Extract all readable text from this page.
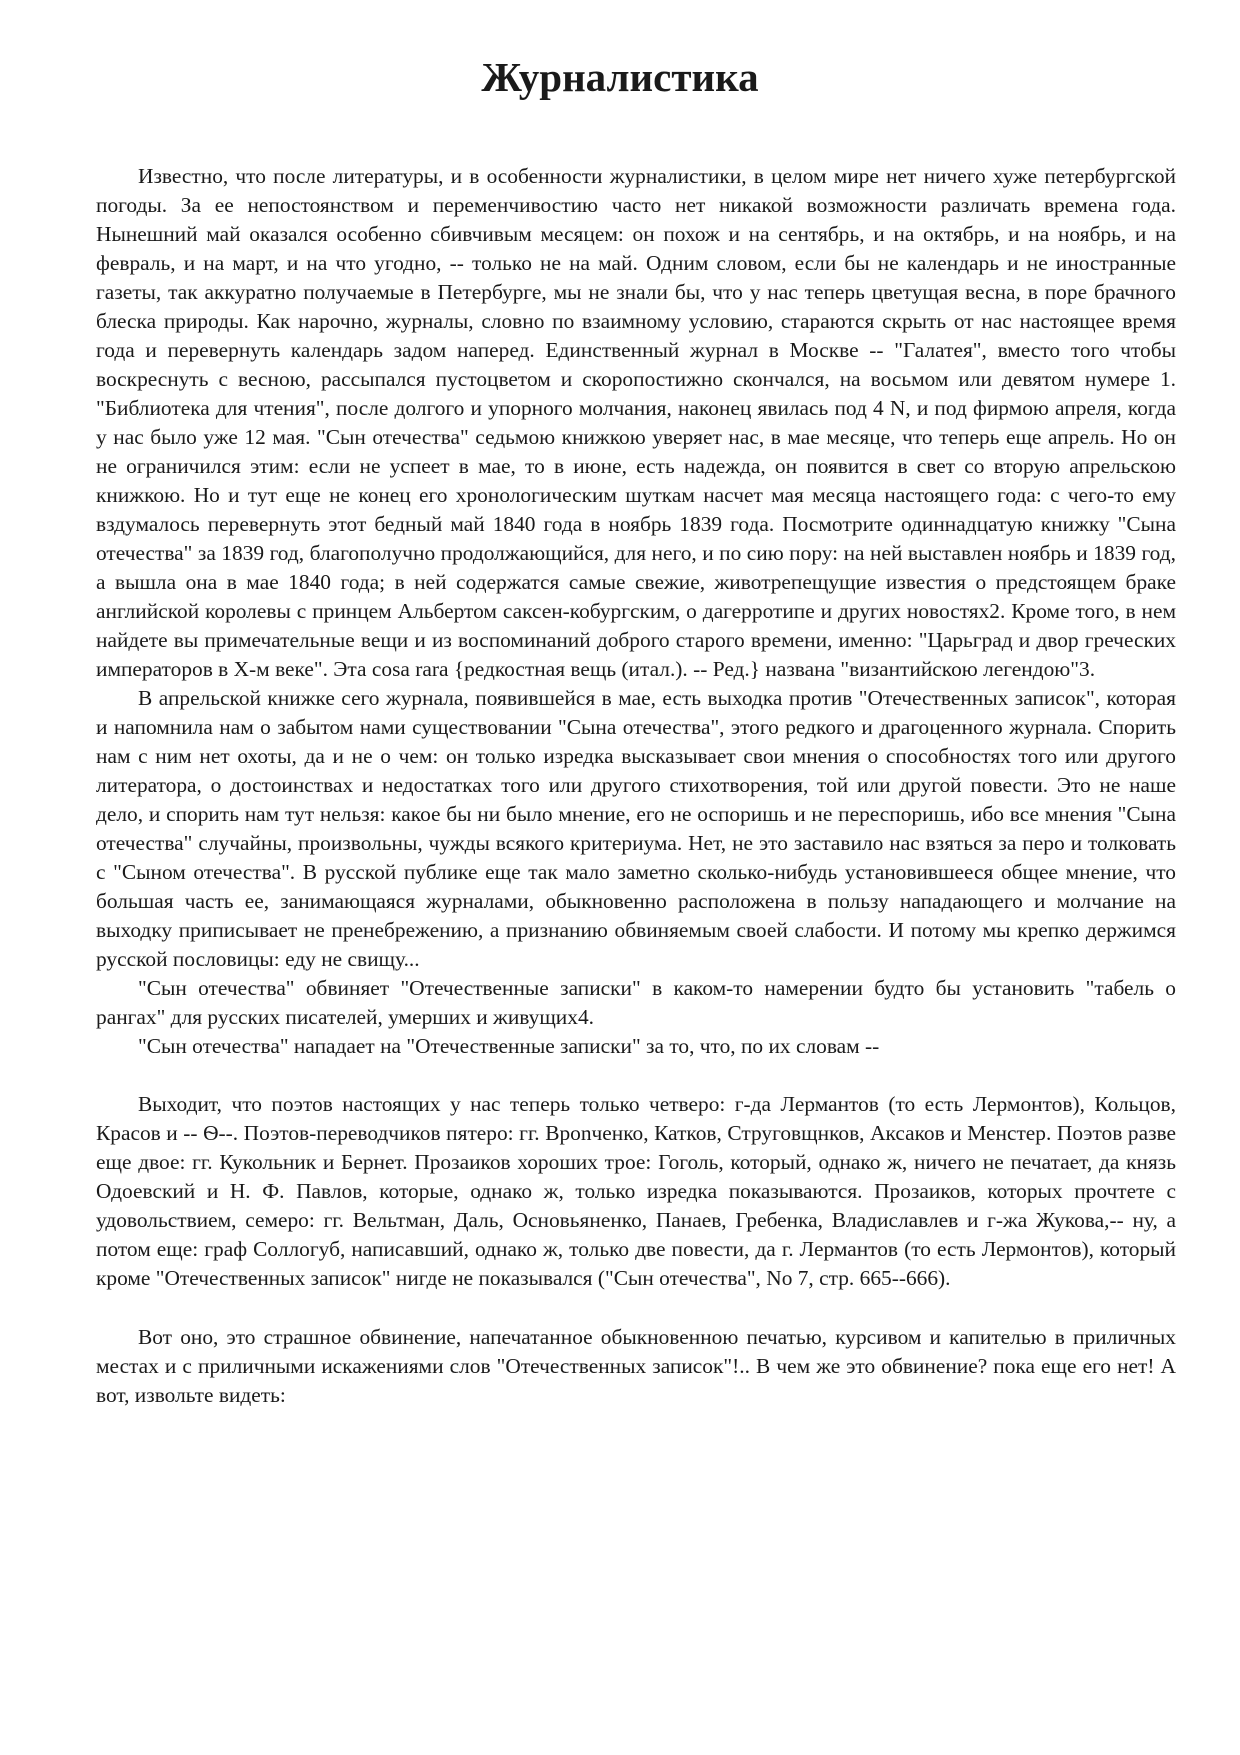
Журналистика

Известно, что после литературы, и в особенности журналистики, в целом мире нет ничего хуже петербургской погоды. За ее непостоянством и переменчивостию часто нет никакой возможности различать времена года. Нынешний май оказался особенно сбивчивым месяцем: он похож и на сентябрь, и на октябрь, и на ноябрь, и на февраль, и на март, и на что угодно, -- только не на май. Одним словом, если бы не календарь и не иностранные газеты, так аккуратно получаемые в Петербурге, мы не знали бы, что у нас теперь цветущая весна, в поре брачного блеска природы. Как нарочно, журналы, словно по взаимному условию, стараются скрыть от нас настоящее время года и перевернуть календарь задом наперед. Единственный журнал в Москве -- "Галатея", вместо того чтобы воскреснуть с весною, рассыпался пустоцветом и скоропостижно скончался, на восьмом или девятом нумере 1. "Библиотека для чтения", после долгого и упорного молчания, наконец явилась под 4 N, и под фирмою апреля, когда у нас было уже 12 мая. "Сын отечества" седьмою книжкою уверяет нас, в мае месяце, что теперь еще апрель. Но он не ограничился этим: если не успеет в мае, то в июне, есть надежда, он появится в свет со вторую апрельскою книжкою. Но и тут еще не конец его хронологическим шуткам насчет мая месяца настоящего года: с чего-то ему вздумалось перевернуть этот бедный май 1840 года в ноябрь 1839 года. Посмотрите одиннадцатую книжку "Сына отечества" за 1839 год, благополучно продолжающийся, для него, и по сию пору: на ней выставлен ноябрь и 1839 год, а вышла она в мае 1840 года; в ней содержатся самые свежие, животрепещущие известия о предстоящем браке английской королевы с принцем Альбертом саксен-кобургским, о дагерротипе и других новостях2. Кроме того, в нем найдете вы примечательные вещи и из воспоминаний доброго старого времени, именно: "Царьград и двор греческих императоров в X-м веке". Эта cosa rara {редкостная вещь (итал.). -- Ред.} названа "византийскою легендою"3.

В апрельской книжке сего журнала, появившейся в мае, есть выходка против "Отечественных записок", которая и напомнила нам о забытом нами существовании "Сына отечества", этого редкого и драгоценного журнала. Спорить нам с ним нет охоты, да и не о чем: он только изредка высказывает свои мнения о способностях того или другого литератора, о достоинствах и недостатках того или другого стихотворения, той или другой повести. Это не наше дело, и спорить нам тут нельзя: какое бы ни было мнение, его не оспоришь и не переспоришь, ибо все мнения "Сына отечества" случайны, произвольны, чужды всякого критериума. Нет, не это заставило нас взяться за перо и толковать с "Сыном отечества". В русской публике еще так мало заметно сколько-нибудь установившееся общее мнение, что большая часть ее, занимающаяся журналами, обыкновенно расположена в пользу нападающего и молчание на выходку приписывает не пренебрежению, а признанию обвиняемым своей слабости. И потому мы крепко держимся русской пословицы: еду не свищу...

"Сын отечества" обвиняет "Отечественные записки" в каком-то намерении будто бы установить "табель о рангах" для русских писателей, умерших и живущих4.

"Сын отечества" нападает на "Отечественные записки" за то, что, по их словам --

Выходит, что поэтов настоящих у нас теперь только четверо: г-да Лермантов (то есть Лермонтов), Кольцов, Красов и -- Ѳ--. Поэтов-переводчиков пятеро: гг. Врonченко, Катков, Струговщнков, Аксаков и Менстер. Поэтов разве еще двое: гг. Кукольник и Бернет. Прозаиков хороших трое: Гоголь, который, однако ж, ничего не печатает, да князь Одоевский и Н. Ф. Павлов, которые, однако ж, только изредка показываются. Прозаиков, которых прочтете с удовольствием, семеро: гг. Вельтман, Даль, Основьяненко, Панаев, Гребенка, Владиславлев и г-жа Жукова,-- ну, а потом еще: граф Соллогуб, написавший, однако ж, только две повести, да г. Лермантов (то есть Лермонтов), который кроме "Отечественных записок" нигде не показывался ("Сын отечества", No 7, стр. 665--666).

Вот оно, это страшное обвинение, напечатанное обыкновенною печатью, курсивом и капителью в приличных местах и с приличными искажениями слов "Отечественных записок"!.. В чем же это обвинение? пока еще его нет! А вот, извольте видеть:
